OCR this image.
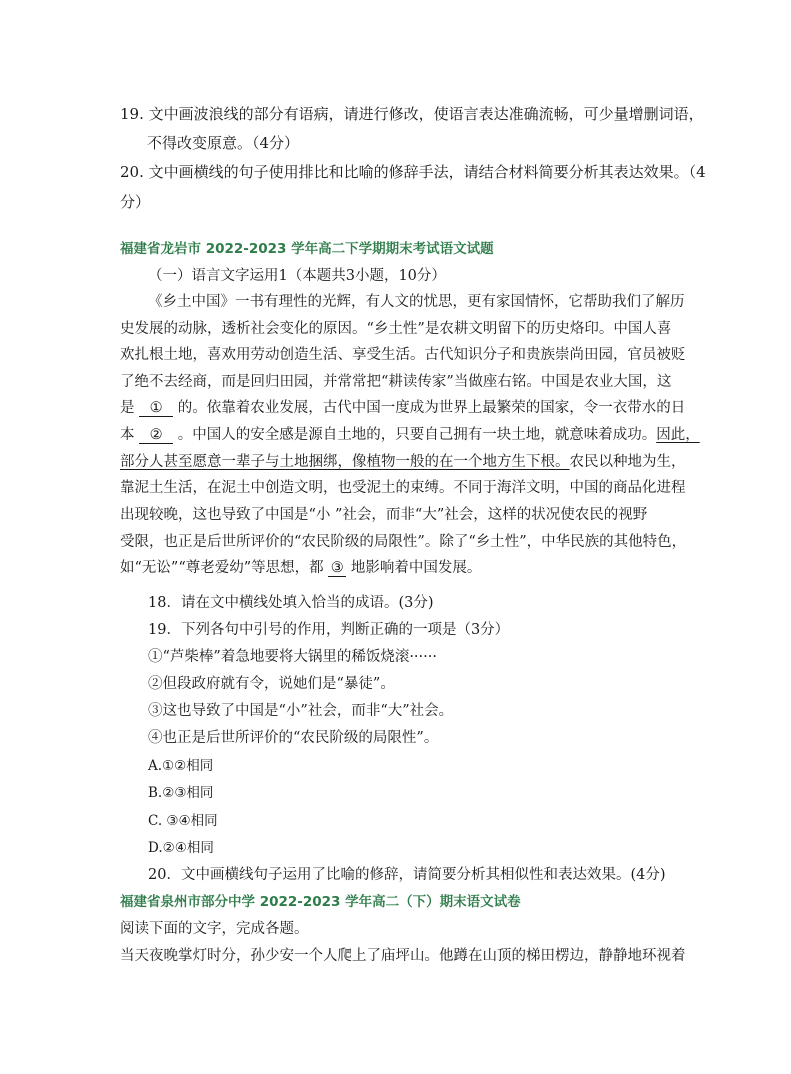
19. 文中画波浪线的部分有语病，请进行修改，使语言表达准确流畅，可少量增删词语，
不得改变原意。（4分）
20. 文中画横线的句子使用排比和比喻的修辞手法，请结合材料简要分析其表达效果。（4
分）
福建省龙岩市 2022-2023 学年高二下学期期末考试语文试题
（一）语言文字运用1（本题共3小题，10分）
《乡土中国》一书有理性的光辉，有人文的忧思，更有家国情怀，它帮助我们了解历
史发展的动脉，透析社会变化的原因。“乡土性”是农耕文明留下的历史烙印。中国人喜
欢扎根土地，喜欢用劳动创造生活、享受生活。古代知识分子和贵族崇尚田园，官员被贬
了绝不去经商，而是回归田园，并常常把“耕读传家”当做座右铭。中国是农业大国，这
是 ① 的。依靠着农业发展，古代中国一度成为世界上最繁荣的国家，令一衣带水的日
本 ② 。中国人的安全感是源自土地的，只要自己拥有一块土地，就意味着成功。因此，
部分人甚至愿意一辈子与土地捆绑，像植物一般的在一个地方生下根。农民以种地为生，
靠泥土生活，在泥土中创造文明，也受泥土的束缚。不同于海洋文明，中国的商品化进程
出现较晚，这也导致了中国是“小 ”社会，而非“大”社会，这样的状况使农民的视野
受限，也正是后世所评价的“农民阶级的局限性”。除了“乡土性”，中华民族的其他特色，
如“无讼”“尊老爱幼”等思想，都 ③ 地影响着中国发展。
18．请在文中横线处填入恰当的成语。(3分)
19．下列各句中引号的作用，判断正确的一项是（3分）
①“芦柴棒”着急地要将大锅里的稀饭烧滚······
②但段政府就有令，说她们是“暴徒”。
③这也导致了中国是“小”社会，而非“大”社会。
④也正是后世所评价的“农民阶级的局限性”。
A.①②相同
B.②③相同
C. ③④相同
D.②④相同
20．文中画横线句子运用了比喻的修辞，请简要分析其相似性和表达效果。(4分)
福建省泉州市部分中学 2022-2023 学年高二（下）期末语文试卷
阅读下面的文字，完成各题。
当天夜晚掌灯时分，孙少安一个人爬上了庙坪山。他蹲在山顶的梯田楞边，静静地环视着
